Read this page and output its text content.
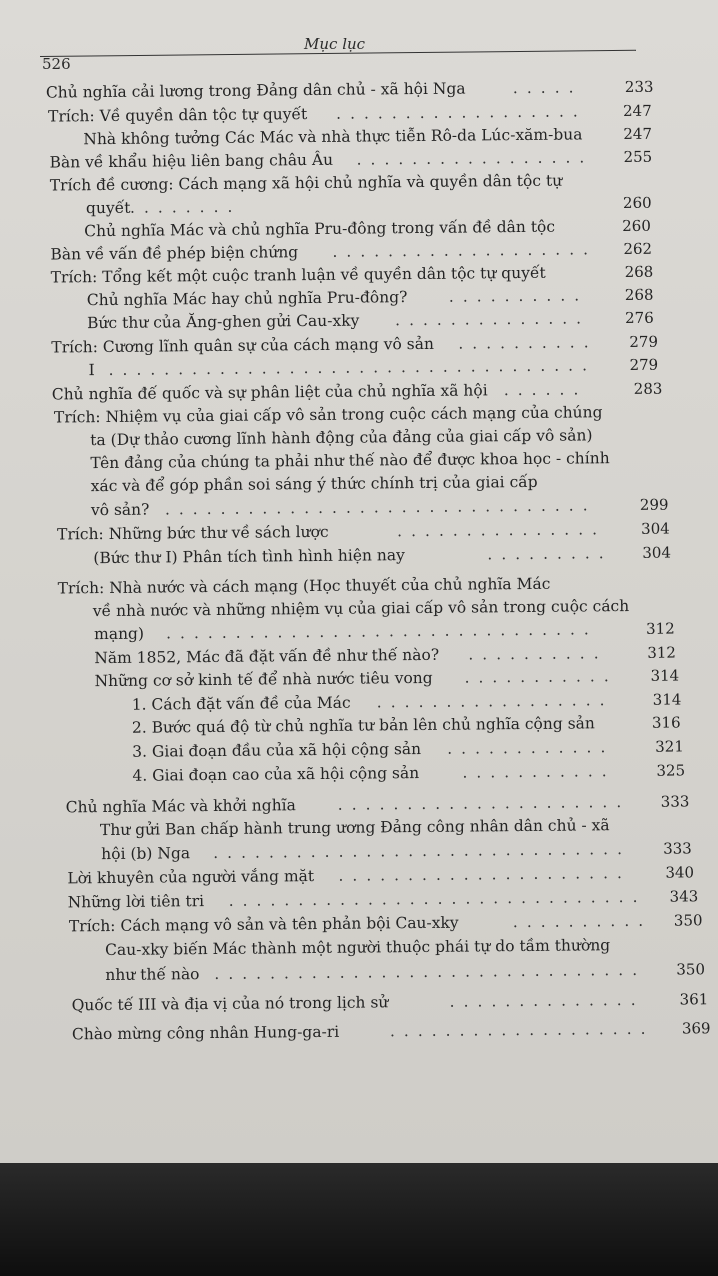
Mục lục
526
Chủ nghĩa cải lương trong Đảng dân chủ - xã hội Nga	.....	233
Trích: Về quyền dân tộc tự quyết ..................	247
Nhà không tưởng Các Mác và nhà thực tiễn Rô-da Lúc-xăm-bua	247
Bàn về khẩu hiệu liên bang châu Âu ................. 255
Trích đề cương: Cách mạng xã hội chủ nghĩa và quyền dân tộc tự
quyết ........	260
Chủ nghĩa Mác và chủ nghĩa Pru-đông trong vấn đề dân tộc	260
Bàn về vấn đề phép biện chứng ................... 262
Trích: Tổng kết một cuộc tranh luận về quyền dân tộc tự quyết	268
Chủ nghĩa Mác hay chủ nghĩa Pru-đông?	..........	268
Bức thư của Ăng-ghen gửi Cau-xky ..............	276
Trích: Cương lĩnh quân sự của cách mạng vô sản ..........	279
I ...................................	279
Chủ nghĩa đế quốc và sự phân liệt của chủ nghĩa xã hội ......	283
Trích: Nhiệm vụ của giai cấp vô sản trong cuộc cách mạng của chúng
ta (Dự thảo cương lĩnh hành động của đảng của giai cấp vô sản)
Tên đảng của chúng ta phải như thế nào để được khoa học - chính
xác và để góp phần soi sáng ý thức chính trị của giai cấp
vô sản? ...............................	299
Trích: Những bức thư về sách lược	............... 304
(Bức thư I) Phân tích tình hình hiện nay	......... 304
Trích: Nhà nước và cách mạng (Học thuyết của chủ nghĩa Mác
về nhà nước và những nhiệm vụ của giai cấp vô sản trong cuộc cách
mạng) ...............................	312
Năm 1852, Mác đã đặt vấn đề như thế nào? ..........	312
Những cơ sở kinh tế để nhà nước tiêu vong ........... 314
1. Cách đặt vấn đề của Mác .................	314
2. Bước quá độ từ chủ nghĩa tư bản lên chủ nghĩa cộng sản	316
3. Giai đoạn đầu của xã hội cộng sản ............	321
4. Giai đoạn cao của xã hội cộng sản	...........	325
Chủ nghĩa Mác và khởi nghĩa	.....................	333
Thư gửi Ban chấp hành trung ương Đảng công nhân dân chủ - xã
hội (b) Nga ..............................	333
Lời khuyên của người vắng mặt .....................	340
Những lời tiên tri .............................. 343
Trích: Cách mạng vô sản và tên phản bội Cau-xky	.......... 350
Cau-xky biến Mác thành một người thuộc phái tự do tầm thường
như thế nào ...............................	350
Quốc tế III và địa vị của nó trong lịch sử	..............	361
Chào mừng công nhân Hung-ga-ri	...................	369
